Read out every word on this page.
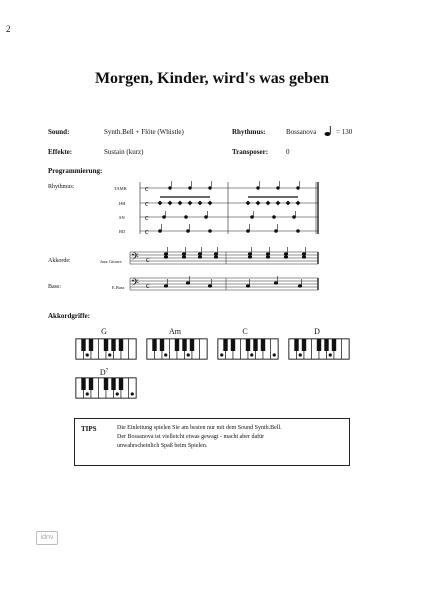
2
Morgen, Kinder, wird's was geben
Sound:	Synth.Bell + Flöte (Whistle)	Rhythmus:	Bossanova	= 130
Effekte:	Sustain (kurz)	Transposer:	0
Programmierung:
Rhythmus:	TAMB
HH
SN
BD
Akkorde:	Jazz Gitarre
Bass:	E.Bass
c
c
c
c
𝄢 c
𝄢 c
Akkordgriffe:
G	Am	C	D
$D^7$
TIPS	Die Einleitung spielen Sie am besten nur mit dem Sound Synth.Bell.
Der Bossanova ist vielleicht etwas gewagt - macht aber dafür
unwahrscheinlich Spaß beim Spielen.
idnv
